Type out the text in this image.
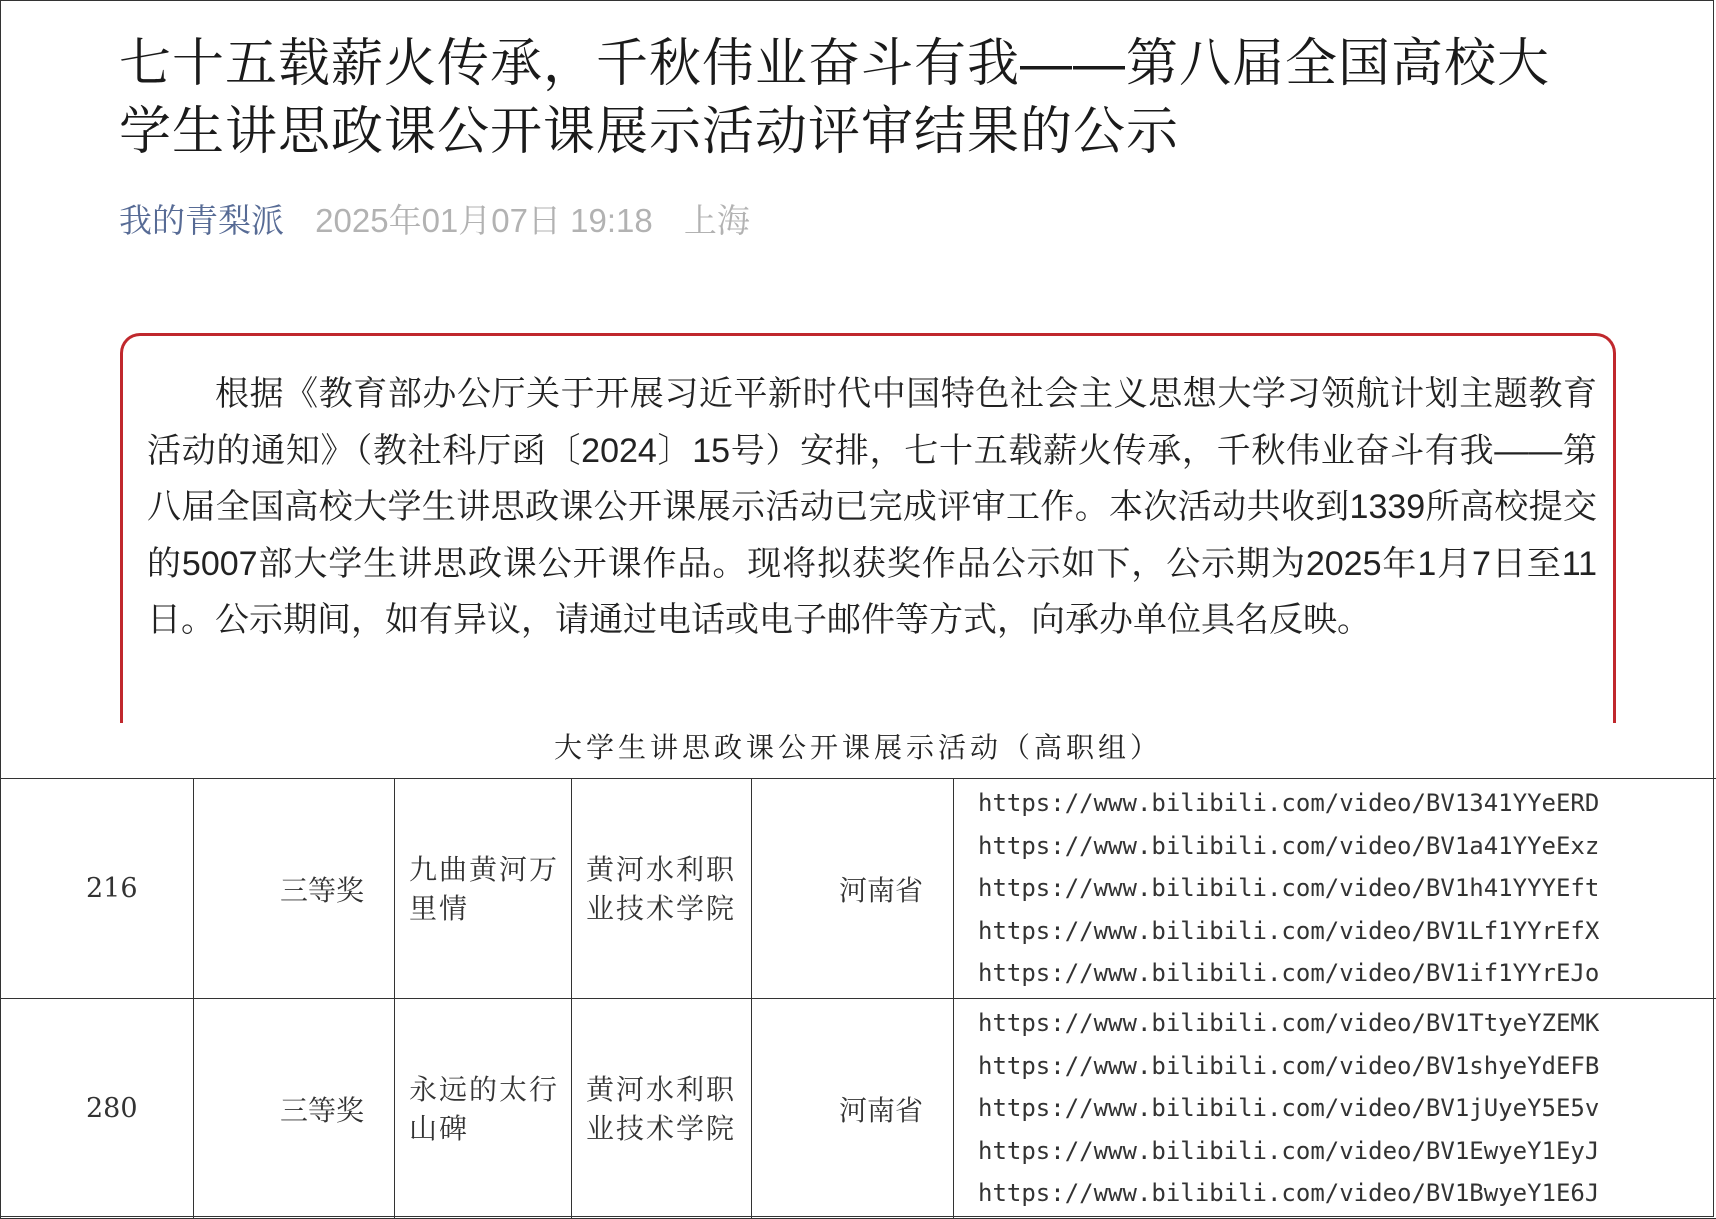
七十五载薪火传承，千秋伟业奋斗有我——第八届全国高校大学生讲思政课公开课展示活动评审结果的公示
我的青梨派 2025年01月07日 19:18 上海

根据《教育部办公厅关于开展习近平新时代中国特色社会主义思想大学习领航计划主题教育活动的通知》（教社科厅函〔2024〕15号）安排，七十五载薪火传承，千秋伟业奋斗有我——第八届全国高校大学生讲思政课公开课展示活动已完成评审工作。本次活动共收到1339所高校提交的5007部大学生讲思政课公开课作品。现将拟获奖作品公示如下，公示期为2025年1月7日至11日。公示期间，如有异议，请通过电话或电子邮件等方式，向承办单位具名反映。

大学生讲思政课公开课展示活动（高职组）
216	三等奖	九曲黄河万里情	黄河水利职业技术学院	河南省	https://www.bilibili.com/video/BV1341YYeERD
https://www.bilibili.com/video/BV1a41YYeExz
https://www.bilibili.com/video/BV1h41YYYEft
https://www.bilibili.com/video/BV1Lf1YYrEfX
https://www.bilibili.com/video/BV1if1YYrEJo

280	三等奖	永远的太行山碑	黄河水利职业技术学院	河南省	https://www.bilibili.com/video/BV1TtyeYZEMK
https://www.bilibili.com/video/BV1shyeYdEFB
https://www.bilibili.com/video/BV1jUyeY5E5v
https://www.bilibili.com/video/BV1EwyeY1EyJ
https://www.bilibili.com/video/BV1BwyeY1E6J
